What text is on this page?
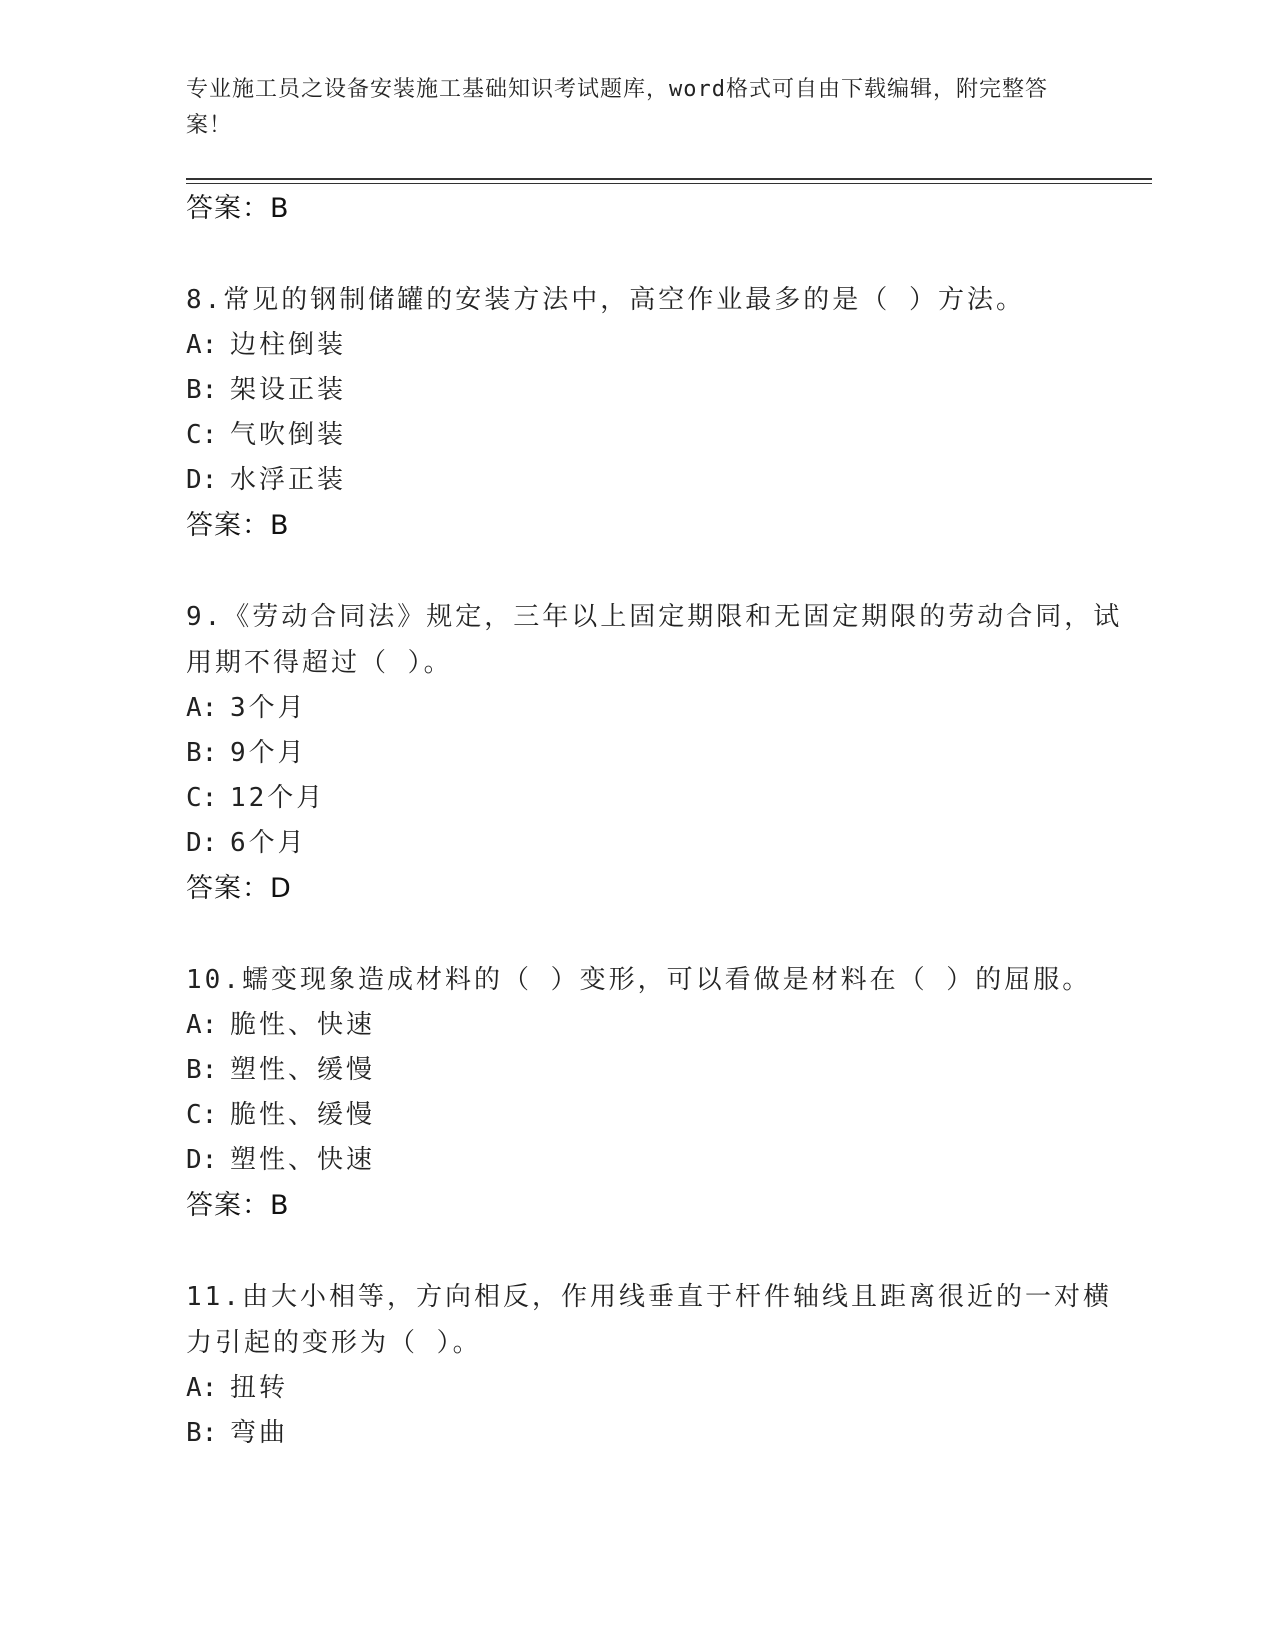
专业施工员之设备安装施工基础知识考试题库，word格式可自由下载编辑，附完整答案！
答案：B
8.常见的钢制储罐的安装方法中，高空作业最多的是（ ）方法。
A: 边柱倒装
B: 架设正装
C: 气吹倒装
D: 水浮正装
答案：B
9.《劳动合同法》规定，三年以上固定期限和无固定期限的劳动合同，试用期不得超过（ ）。
A: 3个月
B: 9个月
C: 12个月
D: 6个月
答案：D
10.蠕变现象造成材料的（ ）变形，可以看做是材料在（ ）的屈服。
A: 脆性、快速
B: 塑性、缓慢
C: 脆性、缓慢
D: 塑性、快速
答案：B
11.由大小相等，方向相反，作用线垂直于杆件轴线且距离很近的一对横力引起的变形为（ ）。
A: 扭转
B: 弯曲
